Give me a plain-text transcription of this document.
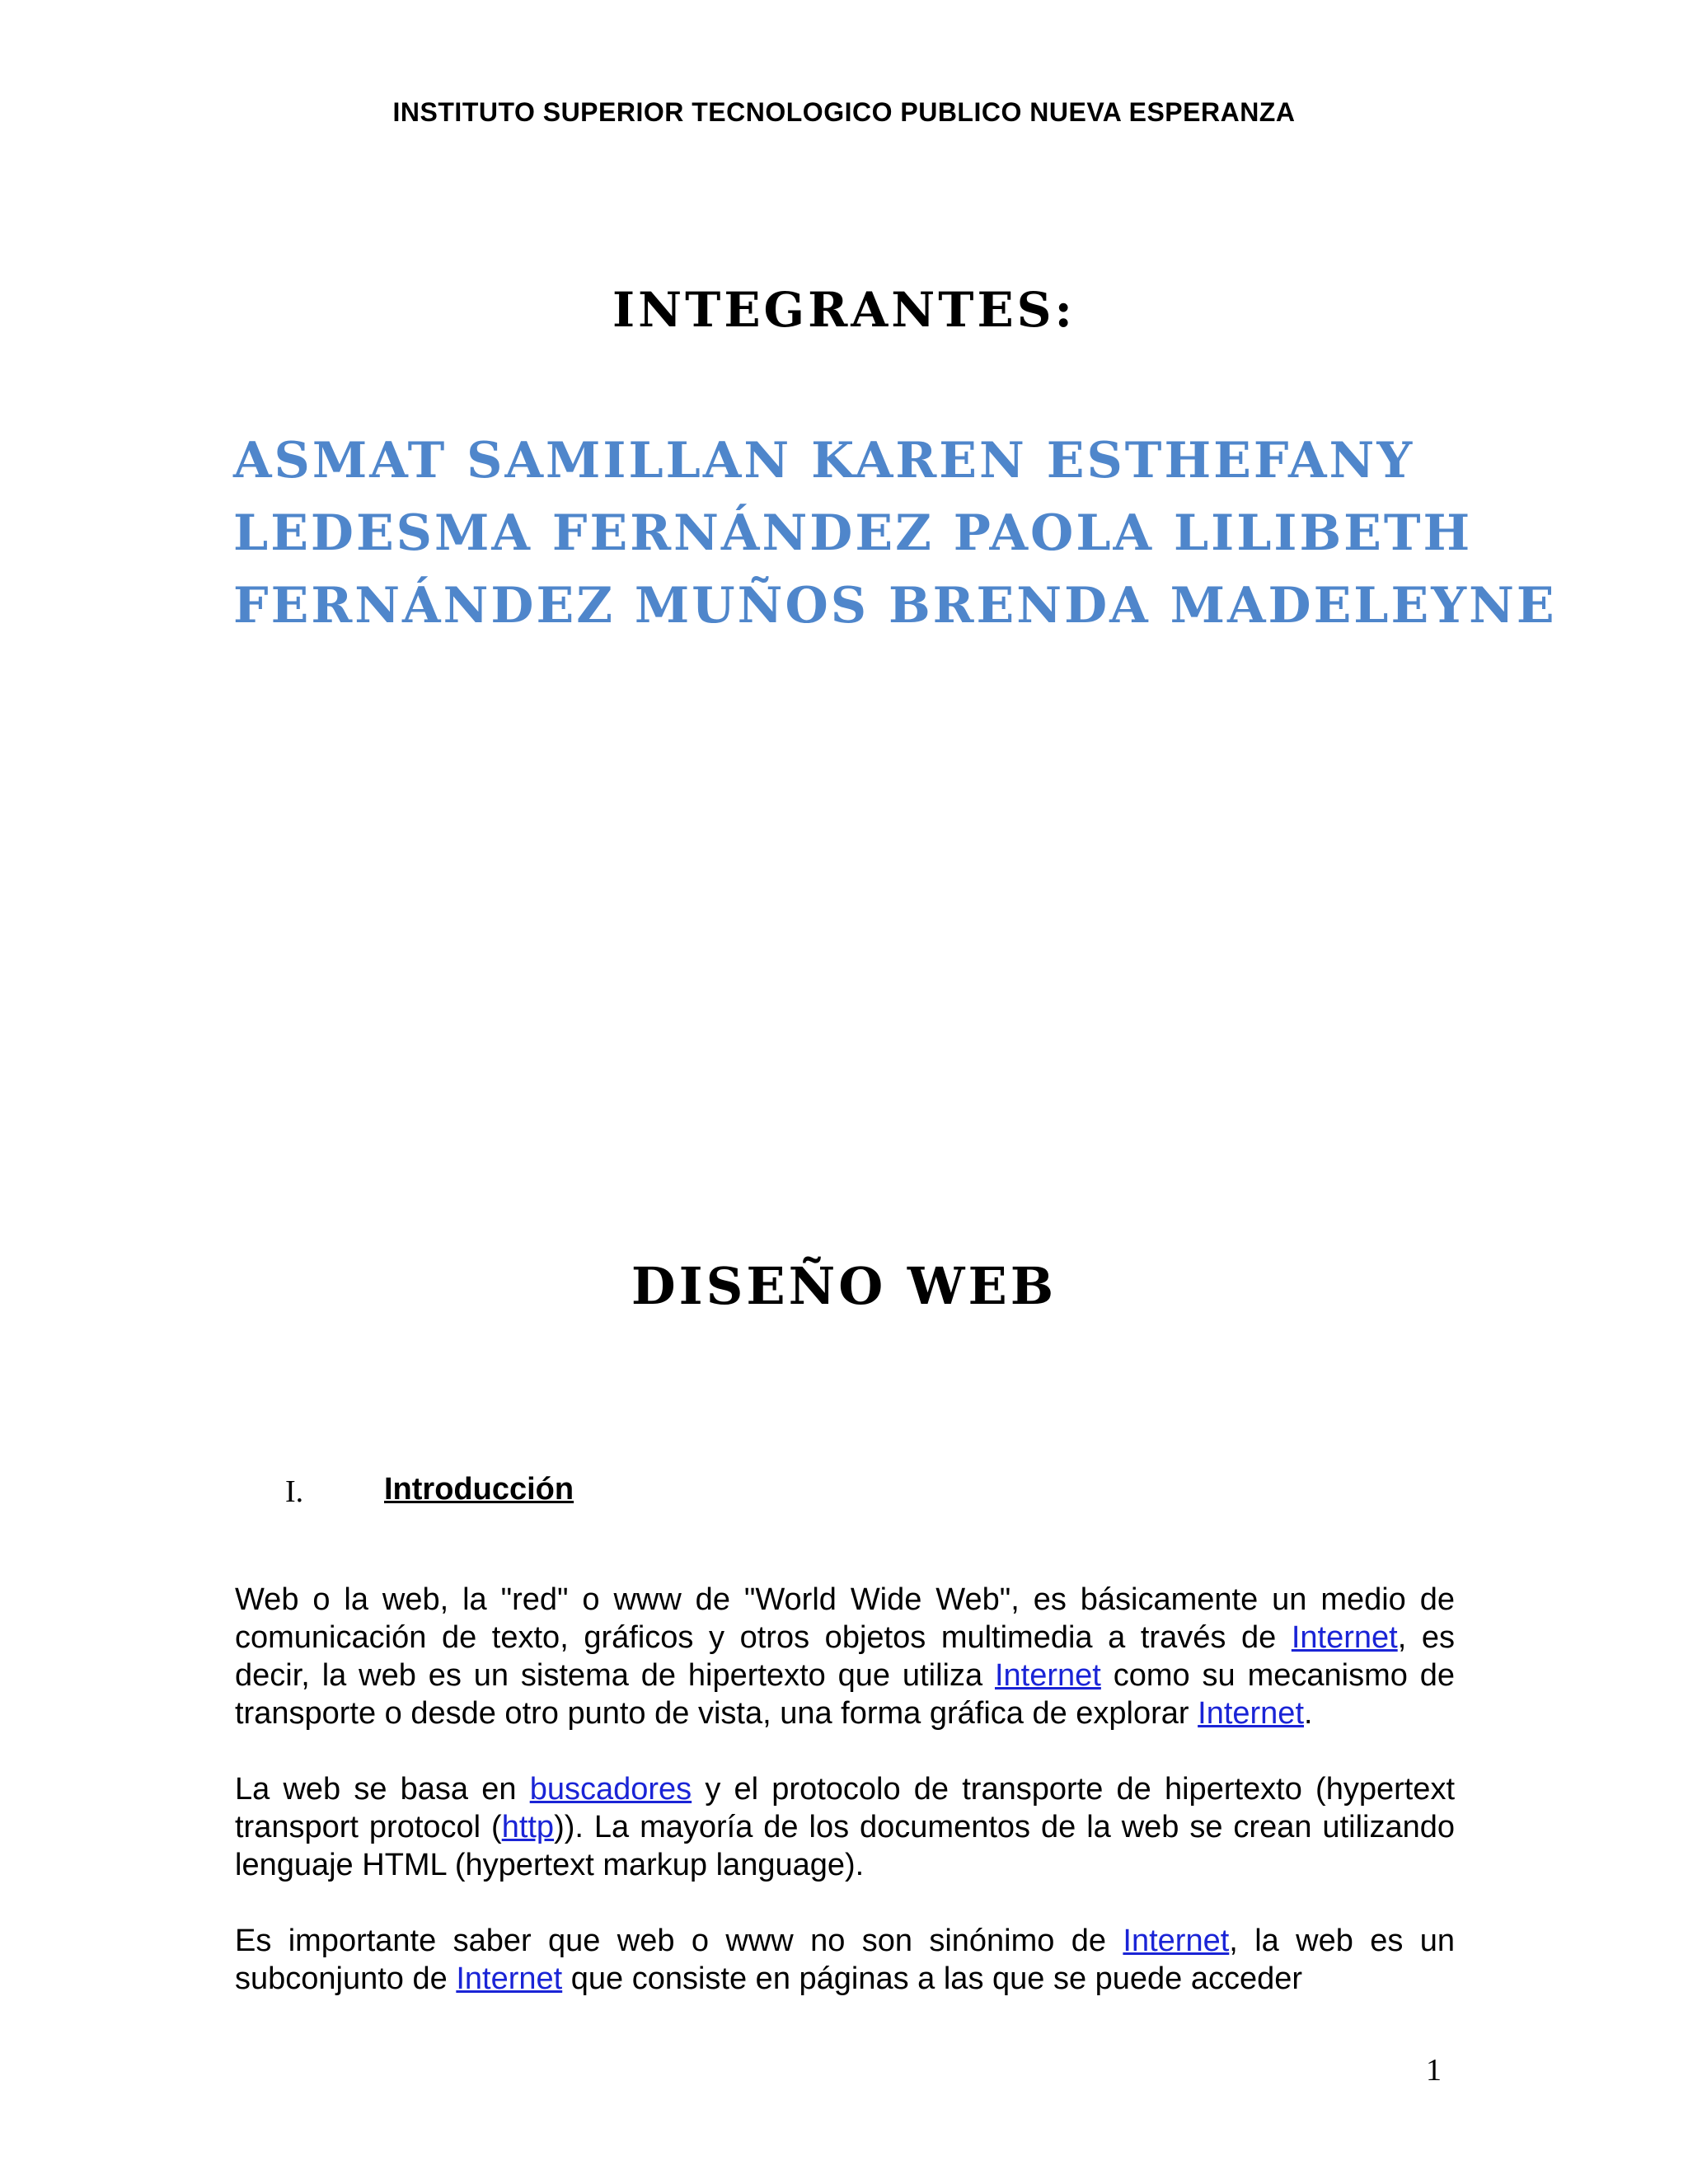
INSTITUTO SUPERIOR TECNOLOGICO PUBLICO NUEVA ESPERANZA
INTEGRANTES:
ASMAT SAMILLAN KAREN ESTHEFANY
LEDESMA FERNÁNDEZ PAOLA LILIBETH
FERNÁNDEZ MUÑOS BRENDA MADELEYNE
DISEÑO WEB
I.	Introducción

Web o la web, la "red" o www de "World Wide Web", es básicamente un medio de comunicación de texto, gráficos y otros objetos multimedia a través de Internet, es decir, la web es un sistema de hipertexto que utiliza Internet como su mecanismo de transporte o desde otro punto de vista, una forma gráfica de explorar Internet.

La web se basa en buscadores y el protocolo de transporte de hipertexto (hypertext transport protocol (http)). La mayoría de los documentos de la web se crean utilizando lenguaje HTML (hypertext markup language).

Es importante saber que web o www no son sinónimo de Internet, la web es un subconjunto de Internet que consiste en páginas a las que se puede acceder

1
